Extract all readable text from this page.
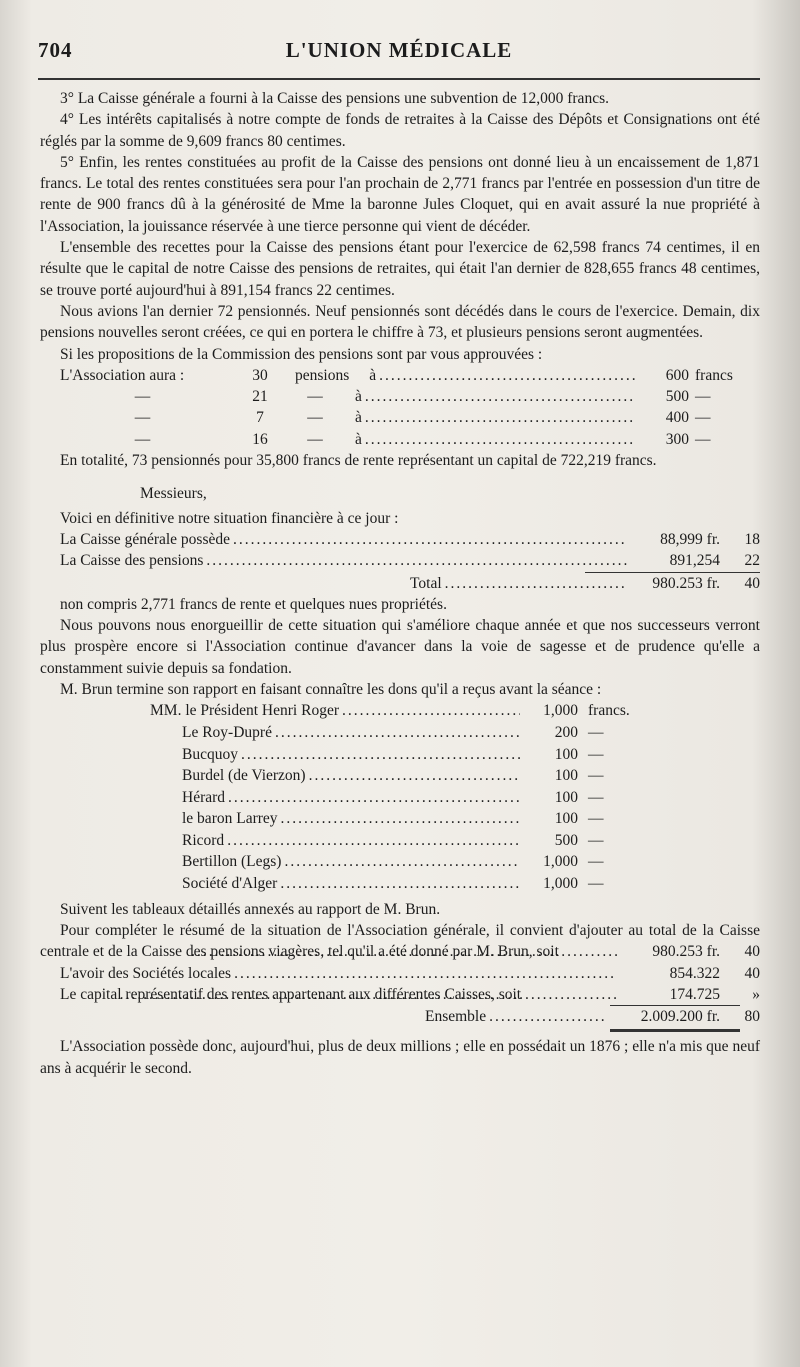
704	L'UNION MÉDICALE

3° La Caisse générale a fourni à la Caisse des pensions une subvention de 12,000 francs.

4° Les intérêts capitalisés à notre compte de fonds de retraites à la Caisse des Dépôts et Consignations ont été réglés par la somme de 9,609 francs 80 centimes.

5° Enfin, les rentes constituées au profit de la Caisse des pensions ont donné lieu à un encaissement de 1,871 francs. Le total des rentes constituées sera pour l'an prochain de 2,771 francs par l'entrée en possession d'un titre de rente de 900 francs dû à la générosité de Mme la baronne Jules Cloquet, qui en avait assuré la nue propriété à l'Association, la jouissance réservée à une tierce personne qui vient de décéder.

L'ensemble des recettes pour la Caisse des pensions étant pour l'exercice de 62,598 francs 74 centimes, il en résulte que le capital de notre Caisse des pensions de retraites, qui était l'an dernier de 828,655 francs 48 centimes, se trouve porté aujourd'hui à 891,154 francs 22 centimes.

Nous avions l'an dernier 72 pensionnés. Neuf pensionnés sont décédés dans le cours de l'exercice. Demain, dix pensions nouvelles seront créées, ce qui en portera le chiffre à 73, et plusieurs pensions seront augmentées.

Si les propositions de la Commission des pensions sont par vous approuvées :

L'Association aura :	30	pensions à .....	600 francs
—	21	—	à .....	500 —
—	7	—	à .....	400 —
—	16	—	à .....	300 —

En totalité, 73 pensionnés pour 35,800 francs de rente représentant un capital de 722,219 francs.

Messieurs,

Voici en définitive notre situation financière à ce jour :

La Caisse générale possède .....	88,999 fr.	18
La Caisse des pensions .....	891,254	22
Total .....	980.253 fr.	40

non compris 2,771 francs de rente et quelques nues propriétés.

Nous pouvons nous enorgueillir de cette situation qui s'améliore chaque année et que nos successeurs verront plus prospère encore si l'Association continue d'avancer dans la voie de sagesse et de prudence qu'elle a constamment suivie depuis sa fondation.

M. Brun termine son rapport en faisant connaître les dons qu'il a reçus avant la séance :

MM. le Président Henri Roger .....	1,000 francs.
Le Roy-Dupré .....	200 —
Bucquoy .....	100 —
Burdel (de Vierzon) .....	100 —
Hérard .....	100 —
le baron Larrey .....	100 —
Ricord .....	500 —
Bertillon (Legs) .....	1,000 —
Société d'Alger .....	1,000 —

Suivent les tableaux détaillés annexés au rapport de M. Brun.

Pour compléter le résumé de la situation de l'Association générale, il convient d'ajouter au total de la Caisse centrale et de la Caisse des pensions viagères, tel qu'il a été donné par M. Brun, soit .....	980.253 fr.	40
L'avoir des Sociétés locales .....	854.322	40

Le capital représentatif des rentes appartenant aux différentes Caisses, soit .....	174.725	»
Ensemble .....	2.009.200 fr.	80

L'Association possède donc, aujourd'hui, plus de deux millions ; elle en possédait un 1876 ; elle n'a mis que neuf ans à acquérir le second.
